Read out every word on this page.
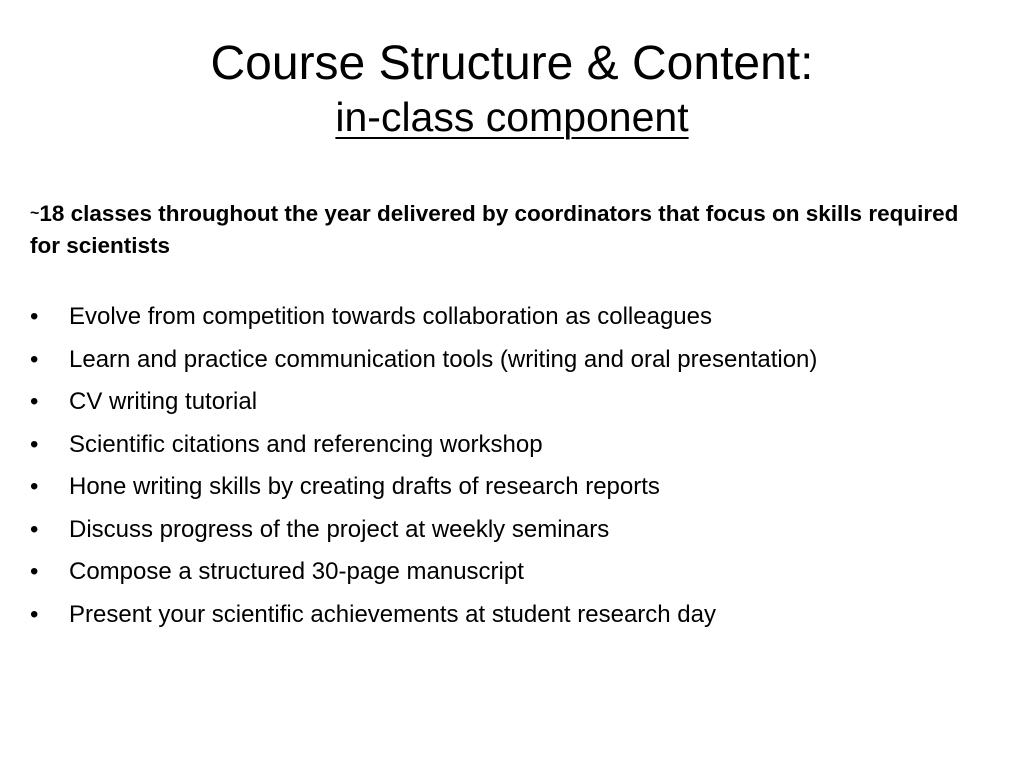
Course Structure & Content:
in-class component
~18 classes throughout the year delivered by coordinators that focus on skills required for scientists
• Evolve from competition towards collaboration as colleagues
• Learn and practice communication tools (writing and oral presentation)
• CV writing tutorial
• Scientific citations and referencing workshop
• Hone writing skills by creating drafts of research reports
• Discuss progress of the project at weekly seminars
• Compose a structured 30-page manuscript
• Present your scientific achievements at student research day
